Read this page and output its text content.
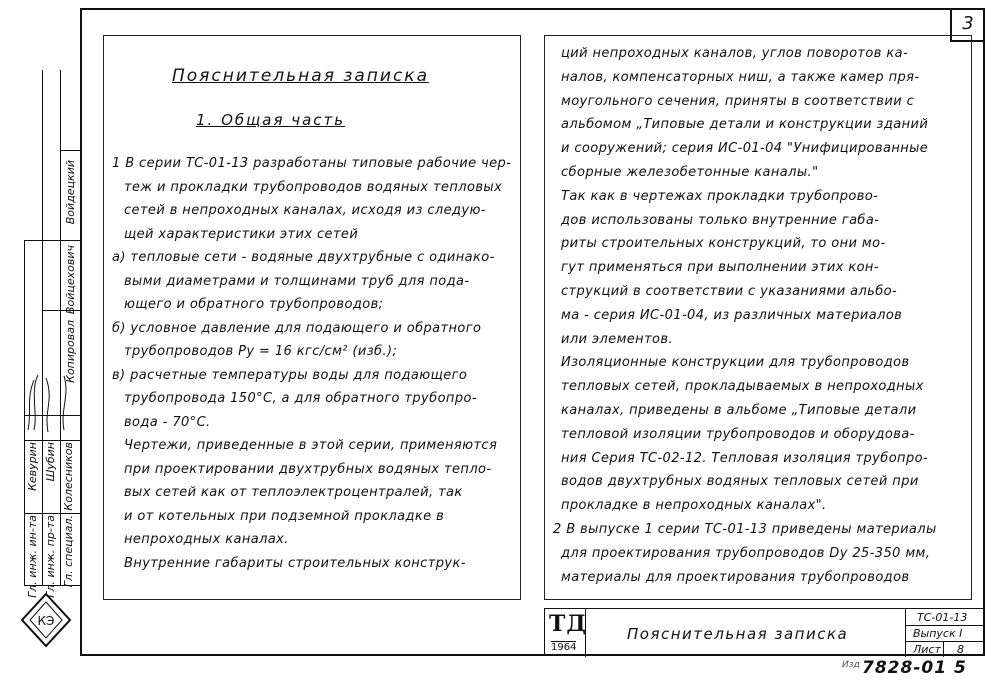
3
Гл. инж. ин-та Гл. инж. пр-та Гл. специал.
Кевурин Шубин Колесников
Копировал
Войдецкий
Войцехович
КЭ
Пояснительная записка
1. Общая часть
1 В серии ТС-01-13 разработаны типовые рабочие чер-
теж и прокладки трубопроводов водяных тепловых
сетей в непроходных каналах, исходя из следую-
щей характеристики этих сетей
а) тепловые сети - водяные двухтрубные с одинако-
выми диаметрами и толщинами труб для пода-
ющего и обратного трубопроводов;
б) условное давление для подающего и обратного
трубопроводов Ру = 16 кгс/см² (изб.);
в) расчетные температуры воды для подающего
трубопровода 150°С, а для обратного трубопро-
вода - 70°С.
Чертежи, приведенные в этой серии, применяются
при проектировании двухтрубных водяных тепло-
вых сетей как от теплоэлектроцентралей, так
и от котельных при подземной прокладке в
непроходных каналах.
Внутренние габариты строительных конструк-
ций непроходных каналов, углов поворотов ка-
налов, компенсаторных ниш, а также камер пря-
моугольного сечения, приняты в соответствии с
альбомом „Типовые детали и конструкции зданий
и сооружений; серия ИС-01-04 "Унифицированные
сборные железобетонные каналы."
Так как в чертежах прокладки трубопрово-
дов использованы только внутренние габа-
риты строительных конструкций, то они мо-
гут применяться при выполнении этих кон-
струкций в соответствии с указаниями альбо-
ма - серия ИС-01-04, из различных материалов
или элементов.
Изоляционные конструкции для трубопроводов
тепловых сетей, прокладываемых в непроходных
каналах, приведены в альбоме „Типовые детали
тепловой изоляции трубопроводов и оборудова-
ния Серия ТС-02-12. Тепловая изоляция трубопро-
водов двухтрубных водяных тепловых сетей при
прокладке в непроходных каналах".
2 В выпуске 1 серии ТС-01-13 приведены материалы
для проектирования трубопроводов Dу 25-350 мм,
материалы для проектирования трубопроводов
ТД
1964
Пояснительная записка
ТС-01-13
Выпуск I
Лист 8
Изд 7828-01 5
